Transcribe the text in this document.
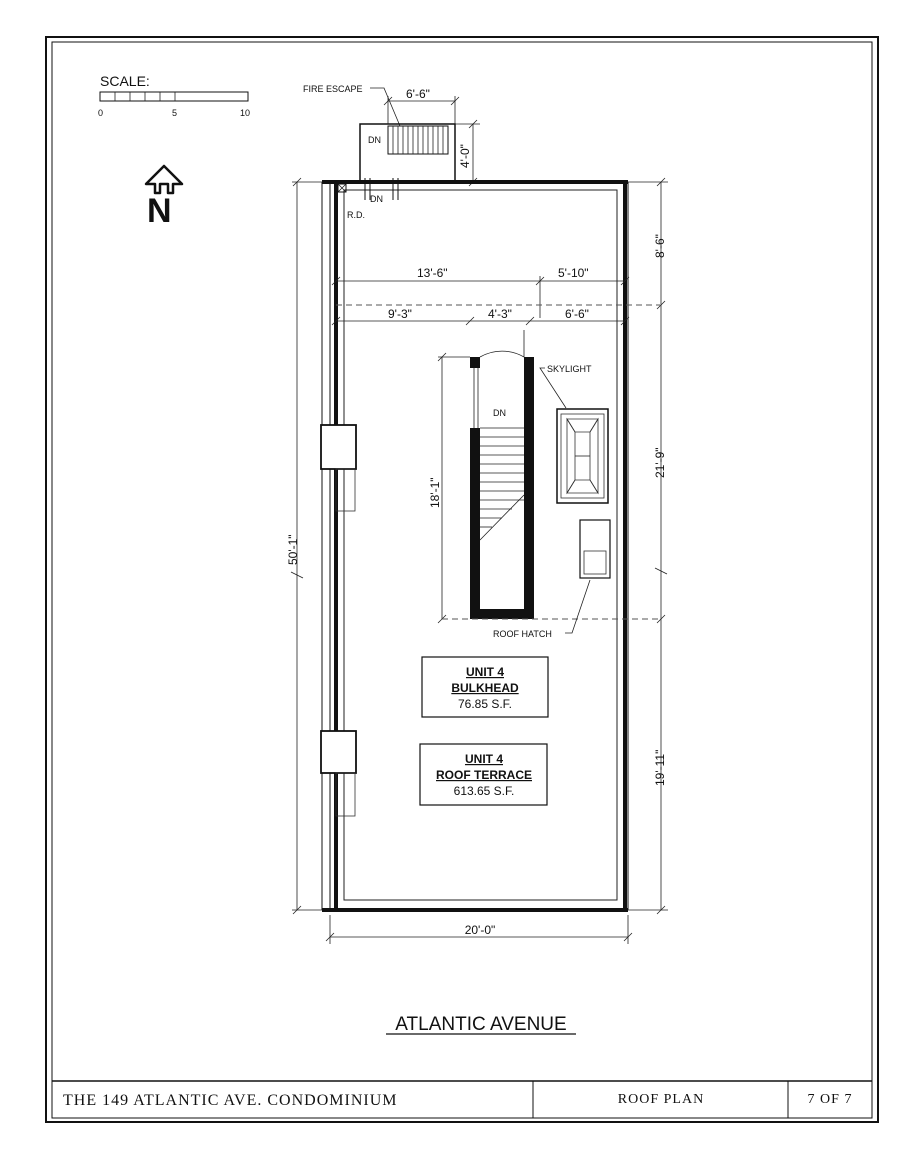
SCALE:
0	5	10
N
FIRE ESCAPE
DN
6'-6"
4'-0"
R.D.
DN
13'-6"	5'-10"
9'-3"	4'-3"	6'-6"
DN
18'-1"
SKYLIGHT
ROOF HATCH
8'-6"
21'-9"
19'-11"
50'-1"
UNIT 4
BULKHEAD
76.85 S.F.
UNIT 4
ROOF TERRACE
613.65 S.F.
20'-0"
ATLANTIC AVENUE
THE 149 ATLANTIC AVE. CONDOMINIUM	ROOF PLAN	7 OF 7
